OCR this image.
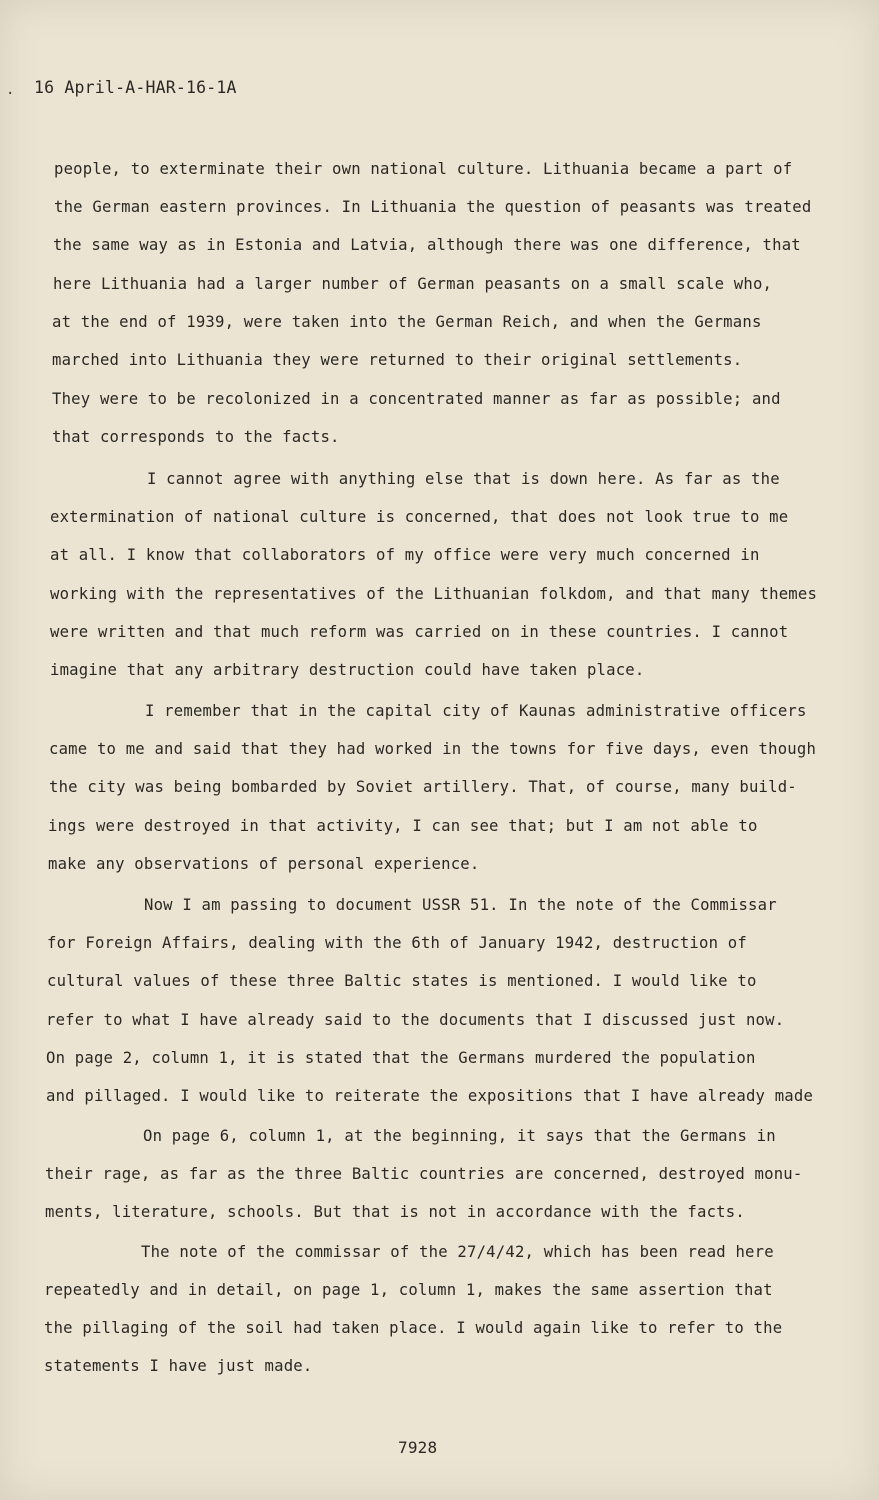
. 16 April-A-HAR-16-1A
people, to exterminate their own national culture. Lithuania became a part of
the German eastern provinces. In Lithuania the question of peasants was treated
the same way as in Estonia and Latvia, although there was one difference, that
here Lithuania had a larger number of German peasants on a small scale who,
at the end of 1939, were taken into the German Reich, and when the Germans
marched into Lithuania they were returned to their original settlements.
They were to be recolonized in a concentrated manner as far as possible; and
that corresponds to the facts.
I cannot agree with anything else that is down here. As far as the
extermination of national culture is concerned, that does not look true to me
at all. I know that collaborators of my office were very much concerned in
working with the representatives of the Lithuanian folkdom, and that many themes
were written and that much reform was carried on in these countries. I cannot
imagine that any arbitrary destruction could have taken place.
I remember that in the capital city of Kaunas administrative officers
came to me and said that they had worked in the towns for five days, even though
the city was being bombarded by Soviet artillery. That, of course, many build-
ings were destroyed in that activity, I can see that; but I am not able to
make any observations of personal experience.
Now I am passing to document USSR 51. In the note of the Commissar
for Foreign Affairs, dealing with the 6th of January 1942, destruction of
cultural values of these three Baltic states is mentioned. I would like to
refer to what I have already said to the documents that I discussed just now.
On page 2, column 1, it is stated that the Germans murdered the population
and pillaged. I would like to reiterate the expositions that I have already made
On page 6, column 1, at the beginning, it says that the Germans in
their rage, as far as the three Baltic countries are concerned, destroyed monu-
ments, literature, schools. But that is not in accordance with the facts.
The note of the commissar of the 27/4/42, which has been read here
repeatedly and in detail, on page 1, column 1, makes the same assertion that
the pillaging of the soil had taken place. I would again like to refer to the
statements I have just made.
7928
